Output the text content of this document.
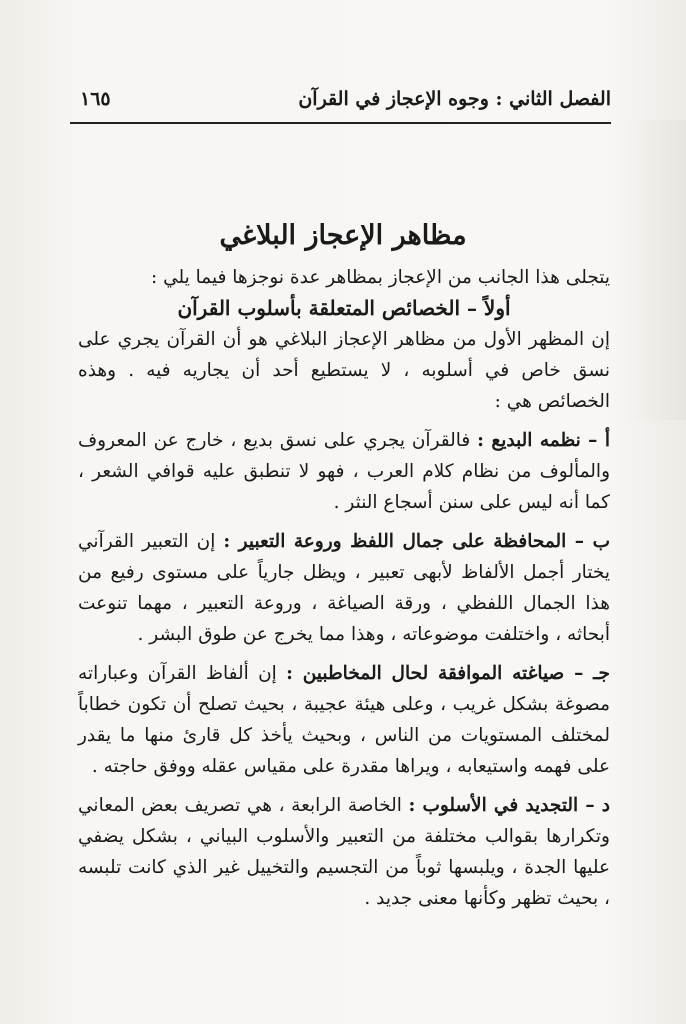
الفصل الثاني : وجوه الإعجاز في القرآن
١٦٥
مظاهر الإعجاز البلاغي

يتجلى هذا الجانب من الإعجاز بمظاهر عدة نوجزها فيما يلي :

أولاً – الخصائص المتعلقة بأسلوب القرآن

إن المظهر الأول من مظاهر الإعجاز البلاغي هو أن القرآن يجري على نسق خاص في أسلوبه ، لا يستطيع أحد أن يجاريه فيه . وهذه الخصائص هي :

أ – نظمه البديع : فالقرآن يجري على نسق بديع ، خارج عن المعروف والمألوف من نظام كلام العرب ، فهو لا تنطبق عليه قوافي الشعر ، كما أنه ليس على سنن أسجاع النثر .

ب – المحافظة على جمال اللفظ وروعة التعبير : إن التعبير القرآني يختار أجمل الألفاظ لأبهى تعبير ، ويظل جارياً على مستوى رفيع من هذا الجمال اللفظي ، ورقة الصياغة ، وروعة التعبير ، مهما تنوعت أبحاثه ، واختلفت موضوعاته ، وهذا مما يخرج عن طوق البشر .

جـ – صياغته الموافقة لحال المخاطبين : إن ألفاظ القرآن وعباراته مصوغة بشكل غريب ، وعلى هيئة عجيبة ، بحيث تصلح أن تكون خطاباً لمختلف المستويات من الناس ، وبحيث يأخذ كل قارئ منها ما يقدر على فهمه واستيعابه ، ويراها مقدرة على مقياس عقله ووفق حاجته .

د – التجديد في الأسلوب : الخاصة الرابعة ، هي تصريف بعض المعاني وتكرارها بقوالب مختلفة من التعبير والأسلوب البياني ، بشكل يضفي عليها الجدة ، ويلبسها ثوباً من التجسيم والتخييل غير الذي كانت تلبسه ، بحيث تظهر وكأنها معنى جديد .
